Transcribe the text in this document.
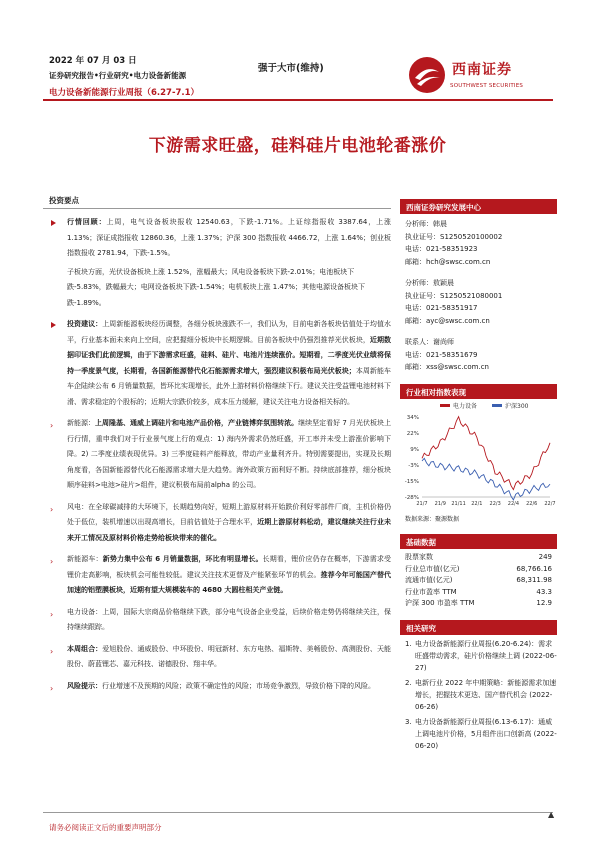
2022 年 07 月 03 日
证券研究报告•行业研究•电力设备新能源
电力设备新能源行业周报（6.27-7.1）
强于大市(维持)	西南证券
SOUTHWEST SECURITIES
下游需求旺盛，硅料硅片电池轮番涨价
投资要点
行情回顾：上周，电气设备板块报收 12540.63，下跌-1.71%。上证综指报收 3387.64，上涨 1.13%；深证成指报收 12860.36，上涨 1.37%；沪深 300 指数报收 4466.72，上涨 1.64%；创业板指数报收 2781.94，下跌-1.5%。
子板块方面，光伏设备板块上涨 1.52%，涨幅最大；风电设备板块下跌-2.01%；电池板块下跌-5.83%，跌幅最大；电网设备板块下跌-1.54%；电机板块上涨 1.47%；其他电源设备板块下跌-1.89%。
投资建议：上周新能源板块经历调整，各细分板块涨跌不一，我们认为，目前电新各板块估值处于均值水平，行业基本面未来向上空间，应把握细分板块中长期逻辑。目前各板块中仍强烈推荐光伏板块，近期数据印证我们此前逻辑，由于下游需求旺盛，硅料、硅片、电池片连续涨价。短期看，二季度光伏业绩将保持一季度景气度，长期看，各国新能源替代化石能源需求增大，强烈建议积极布局光伏板块；本周新能车车企陆续公布 6 月销量数据，皆环比实现增长，此外上游材料价格继续下行。建议关注受益锂电池材料下滑、需求稳定的个股标的；近期大宗跌价较多，成本压力缓解，建议关注电力设备相关标的。
› 新能源：上周隆基、通威上调硅片和电池产品价格，产业链博弈氛围转浓。继续坚定看好 7 月光伏板块上行行情，重申我们对于行业景气度上行的观点：1) 海内外需求仍然旺盛，开工率并未受上游涨价影响下降。2) 二季度业绩表现优异。3) 三季度硅料产能释放，带动产业量利齐升。特别需要提出，实现及长期角度看，各国新能源替代化石能源需求增大是大趋势。海外政策方面利好不断。持续底部推荐，细分板块顺序硅料>电池>硅片>组件，建议积极布局前alpha 的公司。
› 风电：在全球碳减排的大环境下，长期趋势向好，短期上游原材料开始跌价利好零部件厂商，主机价格仍处于低位，装机增速以出现高增长，目前估值处于合理水平，近期上游原材料松动，建议继续关注行业未来开工情况及原材料价格走势给板块带来的催化。
› 新能源车：新势力集中公布 6 月销量数据，环比有明显增长。长期看，锂价应仍存在概率，下游需求受锂价走高影响，板块机会可能性较低。建议关注技术更替及产能紧张环节的机会。推荐今年可能国产替代加速的铝塑膜板块，近期有望大规模装车的 4680 大圆柱相关产业链。
› 电力设备：上周，国际大宗商品价格继续下跌，部分电气设备企业受益，后续价格走势仍将继续关注，保持继续跟踪。
› 本周组合：爱旭股份、通威股份、中环股份、明冠新材、东方电热、福斯特、美畅股份、高测股份、天能股份、蔚蓝锂芯、嘉元科技、诺德股份、翔丰华。
› 风险提示：行业增速不及预期的风险；政策不确定性的风险；市场竞争激烈，导致价格下降的风险。
西南证券研究发展中心
分析师：韩晨
执业证号：S1250520100002
电话：021-58351923
邮箱：hch@swsc.com.cn
分析师：敖颖晨
执业证号：S1250521080001
电话：021-58351917
邮箱：ayc@swsc.com.cn
联系人：谢尚师
电话：021-58351679
邮箱：xss@swsc.com.cn
行业相对指数表现
电力设备	沪深300
34%
22%
9%
-3%
-15%
-28%
21/7 21/9 21/11 22/1 22/3 22/4 22/6 22/7
数据来源：聚源数据
基础数据
股票家数	249
行业总市值(亿元)	68,766.16
流通市值(亿元)	68,311.98
行业市盈率 TTM	43.3
沪深 300 市盈率 TTM	12.9
相关研究
1. 电力设备新能源行业周报(6.20-6.24)：需求旺盛带动需求，硅片价格继续上调 (2022-06-27)
2. 电新行业 2022 年中期策略：新能源需求加速增长，把握技术更迭、国产替代机会 (2022-06-26)
3. 电力设备新能源行业周报(6.13-6.17)：通威上调电池片价格，5月组件出口创新高 (2022-06-20)
请务必阅读正文后的重要声明部分
▲
